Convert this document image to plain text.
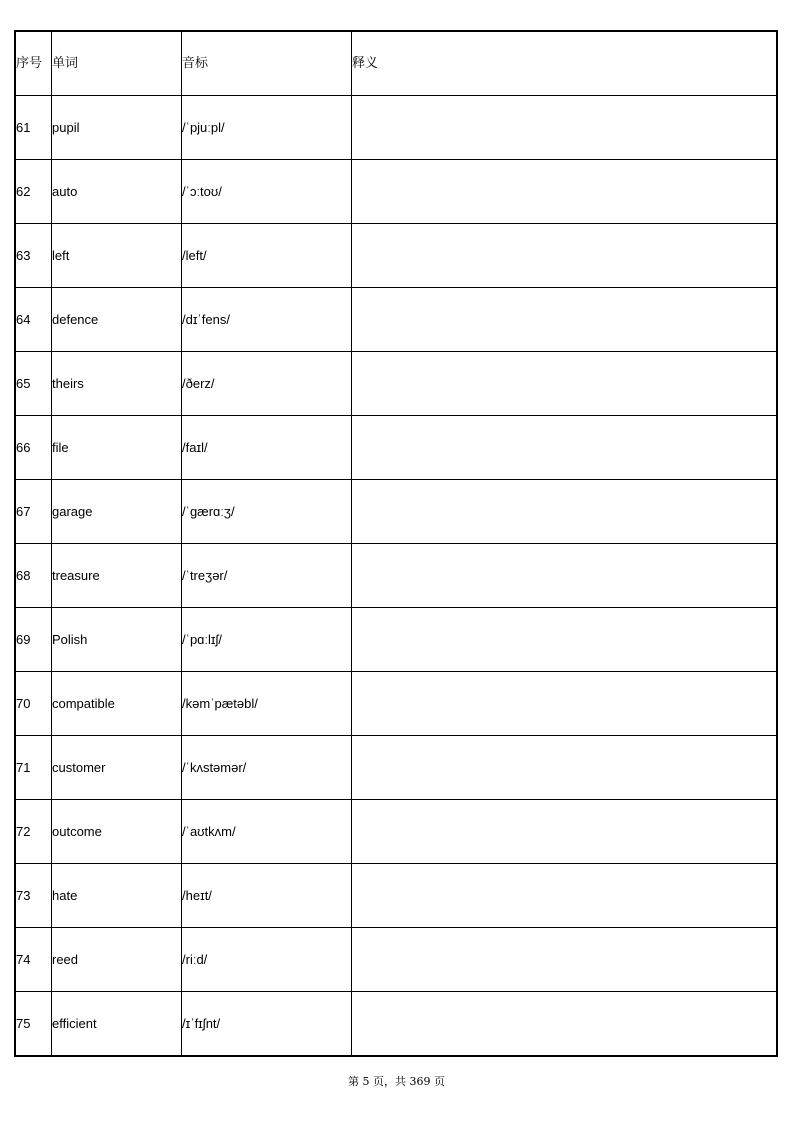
序号	单词	音标	释义
61	pupil	/ˈpjuːpl/	
62	auto	/ˈɔːtoʊ/	
63	left	/left/	
64	defence	/dɪˈfens/	
65	theirs	/ðerz/	
66	file	/faɪl/	
67	garage	/ˈɡærɑːʒ/	
68	treasure	/ˈtreʒər/	
69	Polish	/ˈpɑːlɪʃ/	
70	compatible	/kəmˈpætəbl/	
71	customer	/ˈkʌstəmər/	
72	outcome	/ˈaʊtkʌm/	
73	hate	/heɪt/	
74	reed	/riːd/	
75	efficient	/ɪˈfɪʃnt/	
第 5 页，共 369 页
